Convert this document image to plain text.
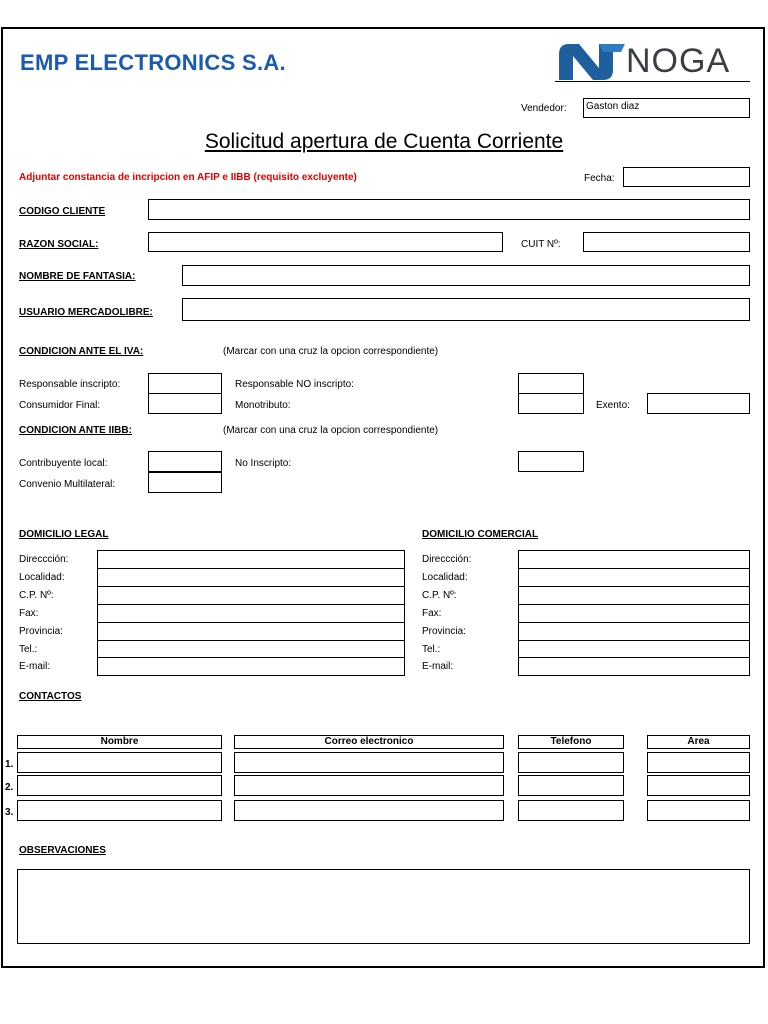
EMP ELECTRONICS S.A.	NOGA
Vendedor:	Gaston diaz
Solicitud apertura de Cuenta Corriente
Adjuntar constancia de incripcion en AFIP e IIBB (requisito excluyente)	Fecha:
CODIGO CLIENTE
RAZON SOCIAL:	CUIT Nº:
NOMBRE DE FANTASIA:
USUARIO MERCADOLIBRE:
CONDICION ANTE EL IVA:	(Marcar con una cruz la opcion correspondiente)
Responsable inscripto:	Responsable NO inscripto:
Consumidor Final:	Monotributo:	Exento:
CONDICION ANTE IIBB:	(Marcar con una cruz la opcion correspondiente)
Contribuyente local:	No Inscripto:
Convenio Multilateral:
DOMICILIO LEGAL	DOMICILIO COMERCIAL
Direccción:
Localidad:
C.P. Nº:
Fax:
Provincia:
Tel.:
E-mail:
Direccción:
Localidad:
C.P. Nº:
Fax:
Provincia:
Tel.:
E-mail:
CONTACTOS
Nombre	Correo electronico	Telefono	Area
1.
2.
3.
OBSERVACIONES
